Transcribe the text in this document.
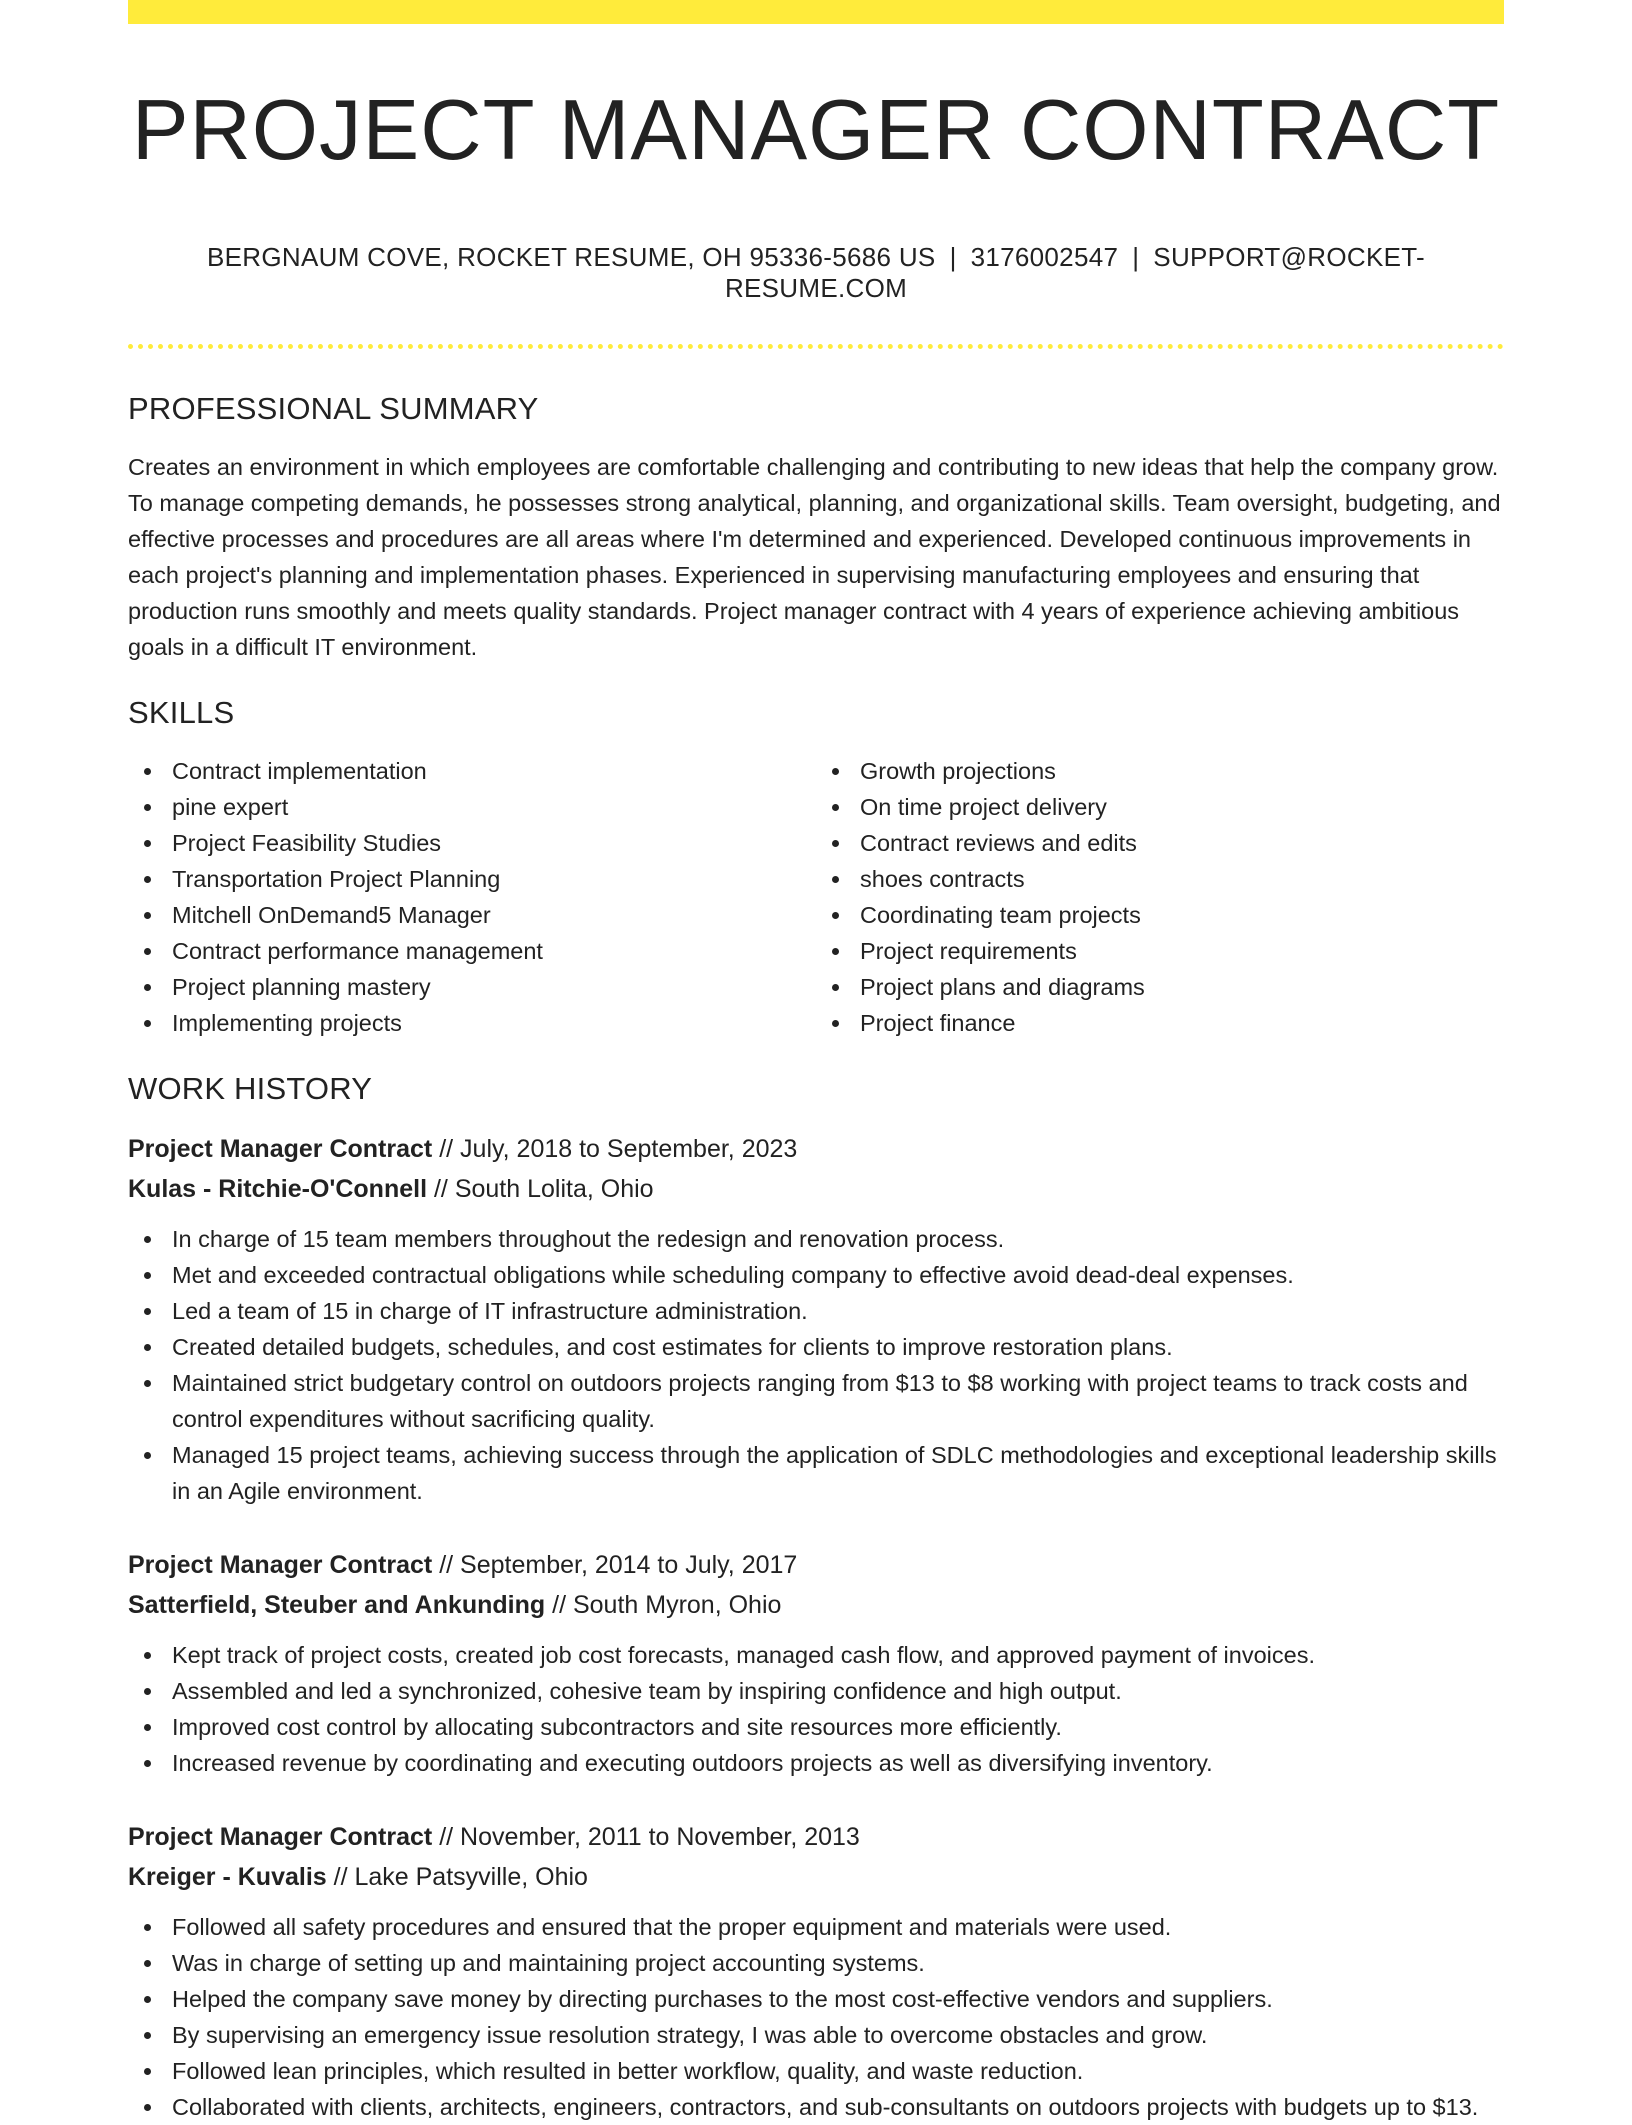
PROJECT MANAGER CONTRACT
BERGNAUM COVE, ROCKET RESUME, OH 95336-5686 US | 3176002547 | SUPPORT@ROCKET-RESUME.COM
PROFESSIONAL SUMMARY

Creates an environment in which employees are comfortable challenging and contributing to new ideas that help the company grow. To manage competing demands, he possesses strong analytical, planning, and organizational skills. Team oversight, budgeting, and effective processes and procedures are all areas where I'm determined and experienced. Developed continuous improvements in each project's planning and implementation phases. Experienced in supervising manufacturing employees and ensuring that production runs smoothly and meets quality standards. Project manager contract with 4 years of experience achieving ambitious goals in a difficult IT environment.

SKILLS
Contract implementation
pine expert
Project Feasibility Studies
Transportation Project Planning
Mitchell OnDemand5 Manager
Contract performance management
Project planning mastery
Implementing projects
Growth projections
On time project delivery
Contract reviews and edits
shoes contracts
Coordinating team projects
Project requirements
Project plans and diagrams
Project finance
WORK HISTORY
Project Manager Contract // July, 2018 to September, 2023
Kulas - Ritchie-O'Connell // South Lolita, Ohio
In charge of 15 team members throughout the redesign and renovation process.
Met and exceeded contractual obligations while scheduling company to effective avoid dead-deal expenses.
Led a team of 15 in charge of IT infrastructure administration.
Created detailed budgets, schedules, and cost estimates for clients to improve restoration plans.
Maintained strict budgetary control on outdoors projects ranging from $13 to $8 working with project teams to track costs and control expenditures without sacrificing quality.
Managed 15 project teams, achieving success through the application of SDLC methodologies and exceptional leadership skills in an Agile environment.
Project Manager Contract // September, 2014 to July, 2017
Satterfield, Steuber and Ankunding // South Myron, Ohio
Kept track of project costs, created job cost forecasts, managed cash flow, and approved payment of invoices.
Assembled and led a synchronized, cohesive team by inspiring confidence and high output.
Improved cost control by allocating subcontractors and site resources more efficiently.
Increased revenue by coordinating and executing outdoors projects as well as diversifying inventory.
Project Manager Contract // November, 2011 to November, 2013
Kreiger - Kuvalis // Lake Patsyville, Ohio
Followed all safety procedures and ensured that the proper equipment and materials were used.
Was in charge of setting up and maintaining project accounting systems.
Helped the company save money by directing purchases to the most cost-effective vendors and suppliers.
By supervising an emergency issue resolution strategy, I was able to overcome obstacles and grow.
Followed lean principles, which resulted in better workflow, quality, and waste reduction.
Collaborated with clients, architects, engineers, contractors, and sub-consultants on outdoors projects with budgets up to $13.
